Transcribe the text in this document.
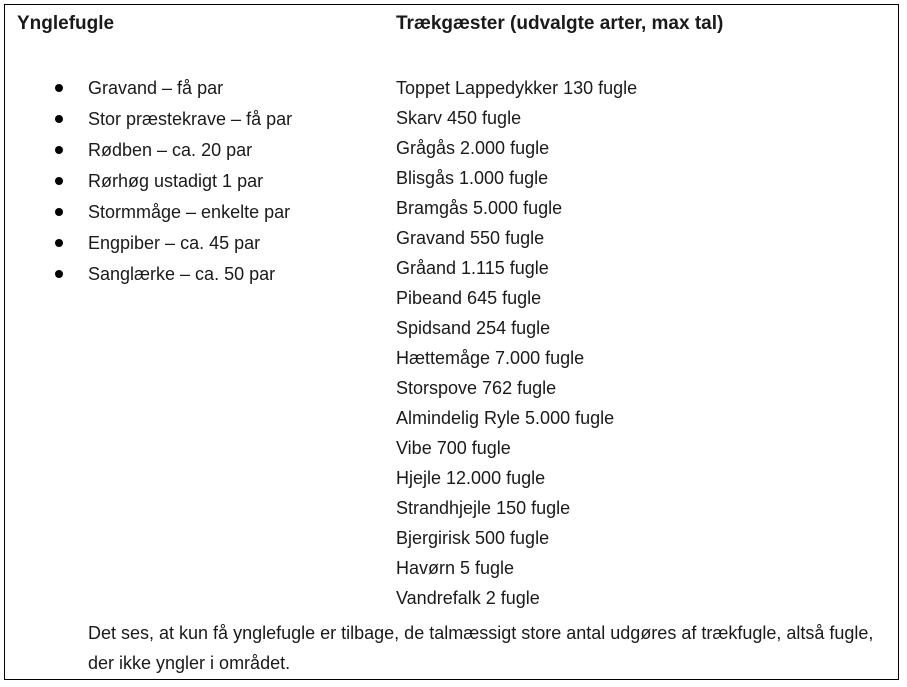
Ynglefugle	Trækgæster (udvalgte arter, max tal)
Gravand – få par
Stor præstekrave – få par
Rødben – ca. 20 par
Rørhøg ustadigt 1 par
Stormmåge – enkelte par
Engpiber – ca. 45 par
Sanglærke – ca. 50 par
Toppet Lappedykker 130 fugle
Skarv 450 fugle
Grågås 2.000 fugle
Blisgås 1.000 fugle
Bramgås 5.000 fugle
Gravand 550 fugle
Gråand 1.115 fugle
Pibeand 645 fugle
Spidsand 254 fugle
Hættemåge 7.000 fugle
Storspove 762 fugle
Almindelig Ryle 5.000 fugle
Vibe 700 fugle
Hjejle 12.000 fugle
Strandhjejle 150 fugle
Bjergirisk 500 fugle
Havørn 5 fugle
Vandrefalk 2 fugle

Det ses, at kun få ynglefugle er tilbage, de talmæssigt store antal udgøres af trækfugle, altså fugle, der ikke yngler i området.
